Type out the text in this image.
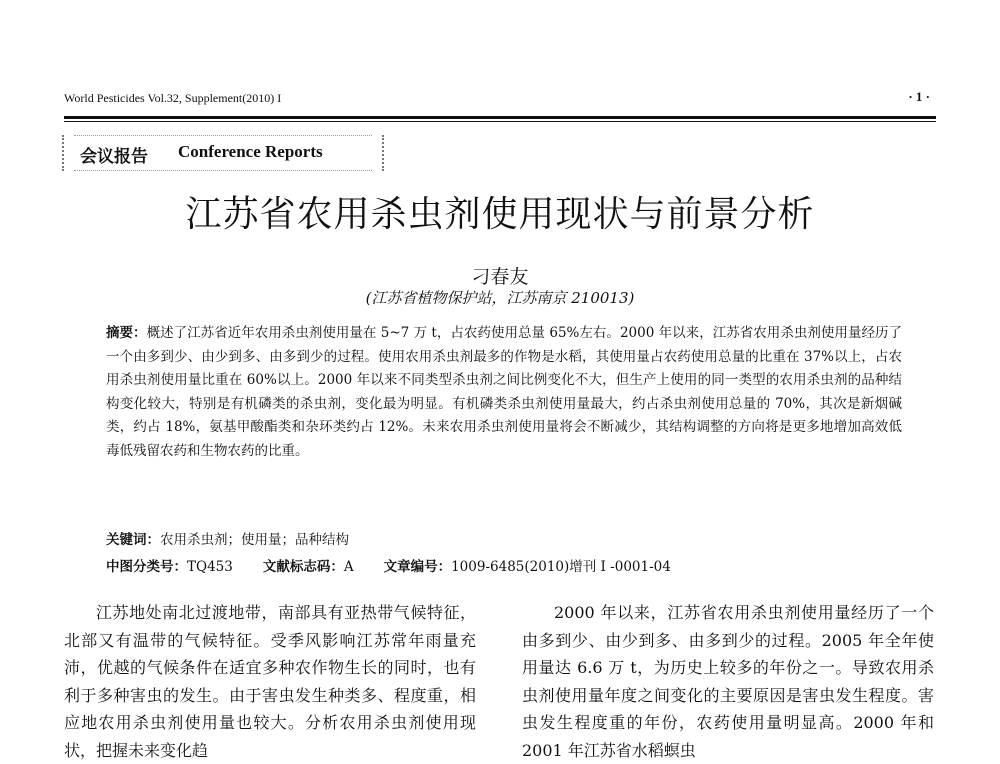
World Pesticides Vol.32, Supplement(2010) I	· 1 ·
会议报告 Conference Reports
江苏省农用杀虫剂使用现状与前景分析
刁春友
(江苏省植物保护站，江苏南京 210013)
摘要：概述了江苏省近年农用杀虫剂使用量在 5~7 万 t，占农药使用总量 65%左右。2000 年以来，江苏省农用杀虫剂使用量经历了一个由多到少、由少到多、由多到少的过程。使用农用杀虫剂最多的作物是水稻，其使用量占农药使用总量的比重在 37%以上，占农用杀虫剂使用量比重在 60%以上。2000 年以来不同类型杀虫剂之间比例变化不大，但生产上使用的同一类型的农用杀虫剂的品种结构变化较大，特别是有机磷类的杀虫剂，变化最为明显。有机磷类杀虫剂使用量最大，约占杀虫剂使用总量的 70%，其次是新烟碱类，约占 18%，氨基甲酸酯类和杂环类约占 12%。未来农用杀虫剂使用量将会不断减少，其结构调整的方向将是更多地增加高效低毒低残留农药和生物农药的比重。
关键词：农用杀虫剂；使用量；品种结构
中图分类号：TQ453 文献标志码：A 文章编号：1009-6485(2010)增刊 I -0001-04

江苏地处南北过渡地带，南部具有亚热带气候特征，北部又有温带的气候特征。受季风影响江苏常年雨量充沛，优越的气候条件在适宜多种农作物生长的同时，也有利于多种害虫的发生。由于害虫发生种类多、程度重，相应地农用杀虫剂使用量也较大。分析农用杀虫剂使用现状，把握未来变化趋

2000 年以来，江苏省农用杀虫剂使用量经历了一个由多到少、由少到多、由多到少的过程。2005 年全年使用量达 6.6 万 t，为历史上较多的年份之一。导致农用杀虫剂使用量年度之间变化的主要原因是害虫发生程度。害虫发生程度重的年份，农药使用量明显高。2000 年和 2001 年江苏省水稻螟虫
